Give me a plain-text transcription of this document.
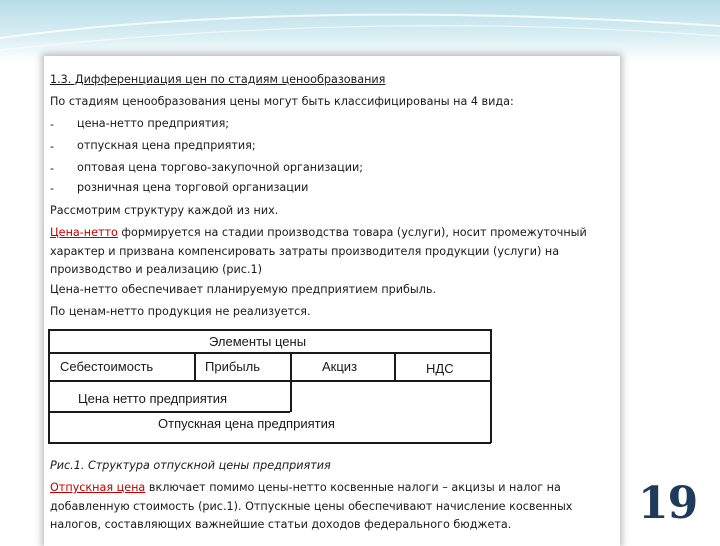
1.3. Дифференциация цен по стадиям ценообразования
По стадиям ценообразования цены могут быть классифицированы на 4 вида:
- цена-нетто предприятия;
- отпускная цена предприятия;
- оптовая цена торгово-закупочной организации;
- розничная цена торговой организации
Рассмотрим структуру каждой из них.
Цена-нетто формируется на стадии производства товара (услуги), носит промежуточный
характер и призвана компенсировать затраты производителя продукции (услуги) на
производство и реализацию (рис.1)
Цена-нетто обеспечивает планируемую предприятием прибыль.
По ценам-нетто продукция не реализуется.
Элементы цены
Себестоимость	Прибыль	Акциз	НДС
Цена нетто предприятия
Отпускная цена предприятия
Рис.1. Структура отпускной цены предприятия
Отпускная цена включает помимо цены-нетто косвенные налоги – акцизы и налог на
добавленную стоимость (рис.1). Отпускные цены обеспечивают начисление косвенных
налогов, составляющих важнейшие статьи доходов федерального бюджета.	19
